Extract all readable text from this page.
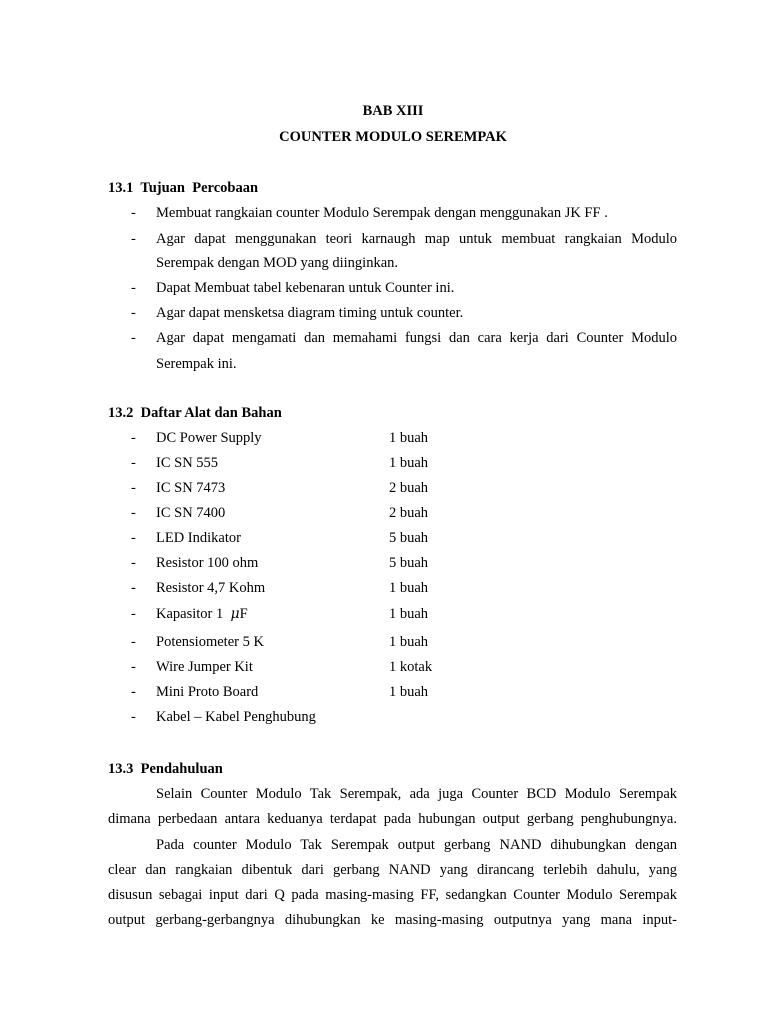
BAB XIII
COUNTER MODULO SEREMPAK
13.1  Tujuan  Percobaan
- Membuat rangkaian counter Modulo Serempak dengan menggunakan JK FF .
- Agar dapat menggunakan teori karnaugh map untuk membuat rangkaian Modulo
Serempak dengan MOD yang diinginkan.
- Dapat Membuat tabel kebenaran untuk Counter ini.
- Agar dapat mensketsa diagram timing untuk counter.
- Agar dapat mengamati dan memahami fungsi dan cara kerja dari Counter Modulo
Serempak ini.
13.2  Daftar Alat dan Bahan
- DC Power Supply	1 buah
- IC SN 555	1 buah
- IC SN 7473	2 buah
- IC SN 7400	2 buah
- LED Indikator	5 buah
- Resistor 100 ohm	5 buah
- Resistor 4,7 Kohm	1 buah
- Kapasitor 1 μF	1 buah
- Potensiometer 5 K	1 buah
- Wire Jumper Kit	1 kotak
- Mini Proto Board	1 buah
- Kabel – Kabel Penghubung
13.3  Pendahuluan
Selain Counter Modulo Tak Serempak, ada juga Counter BCD Modulo Serempak
dimana perbedaan antara keduanya terdapat pada hubungan output gerbang penghubungnya.
Pada counter Modulo Tak Serempak output gerbang NAND dihubungkan dengan
clear dan rangkaian dibentuk dari gerbang NAND yang dirancang terlebih dahulu, yang
disusun sebagai input dari Q pada masing-masing FF, sedangkan Counter Modulo Serempak
output gerbang-gerbangnya dihubungkan ke masing-masing outputnya yang mana input-
